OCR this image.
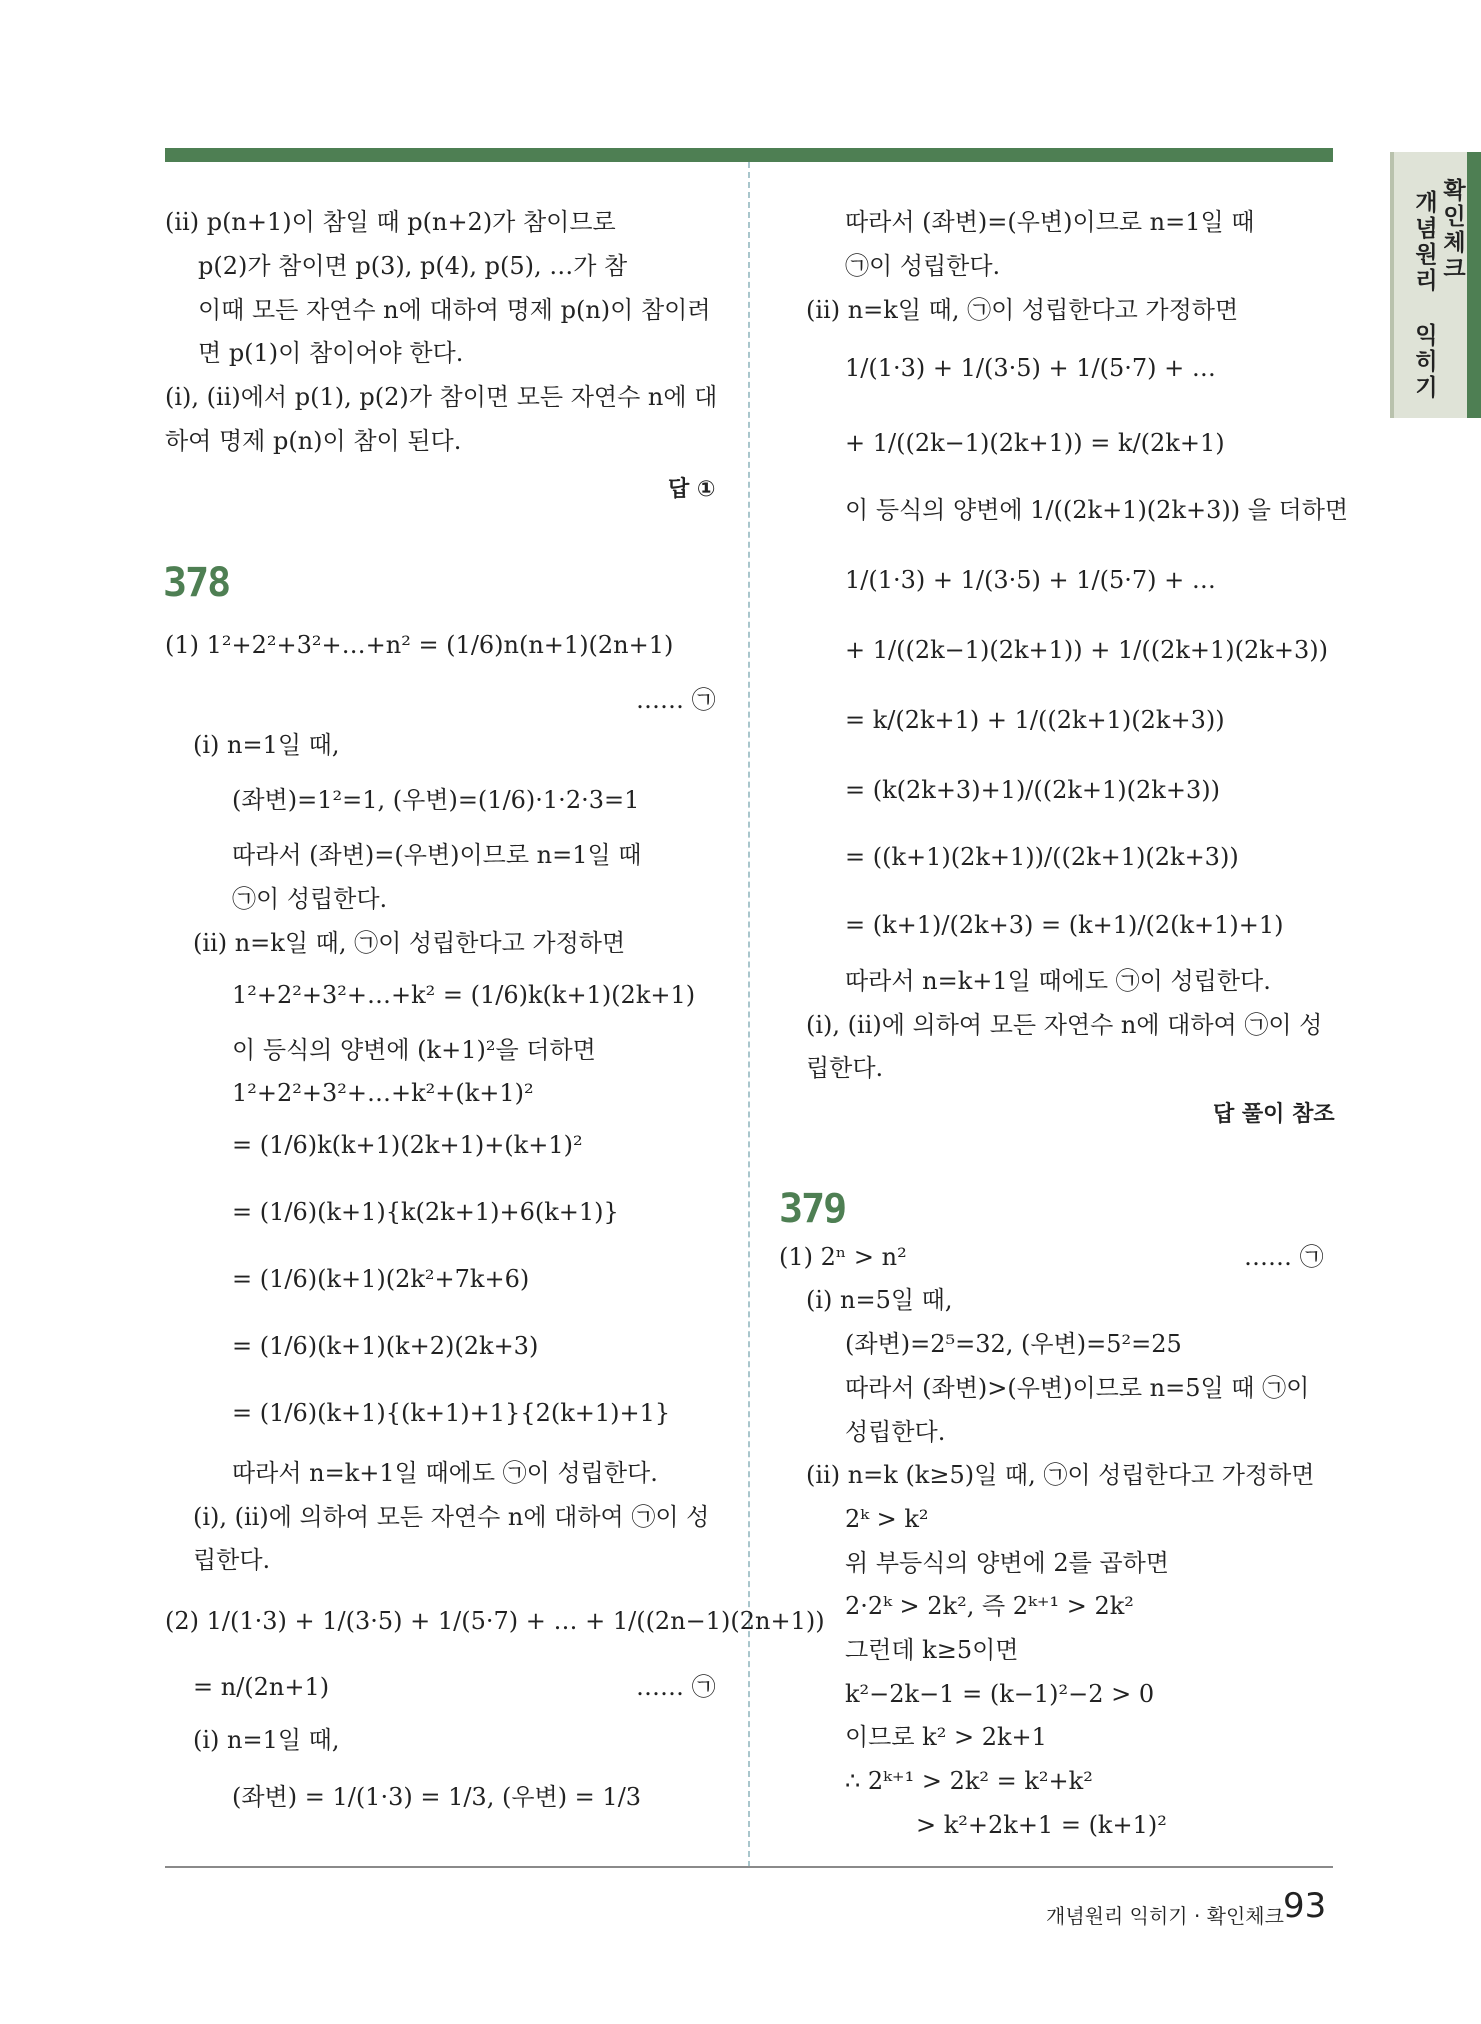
개념원리 익히기 확인체크
(ⅱ) p(n+1)이 참일 때 p(n+2)가 참이므로
p(2)가 참이면 p(3), p(4), p(5), …가 참
이때 모든 자연수 n에 대하여 명제 p(n)이 참이려
면 p(1)이 참이어야 한다.
(ⅰ), (ⅱ)에서 p(1), p(2)가 참이면 모든 자연수 n에 대
하여 명제 p(n)이 참이 된다.
답 ①
378
(1) 1²+2²+3²+…+n² = (1/6)n(n+1)(2n+1)
…… ㉠
(ⅰ) n=1일 때,
(좌변)=1²=1, (우변)=(1/6)·1·2·3=1
따라서 (좌변)=(우변)이므로 n=1일 때
㉠이 성립한다.
(ⅱ) n=k일 때, ㉠이 성립한다고 가정하면
1²+2²+3²+…+k² = (1/6)k(k+1)(2k+1)
이 등식의 양변에 (k+1)²을 더하면
1²+2²+3²+…+k²+(k+1)²
= (1/6)k(k+1)(2k+1)+(k+1)²
= (1/6)(k+1){k(2k+1)+6(k+1)}
= (1/6)(k+1)(2k²+7k+6)
= (1/6)(k+1)(k+2)(2k+3)
= (1/6)(k+1){(k+1)+1}{2(k+1)+1}
따라서 n=k+1일 때에도 ㉠이 성립한다.
(ⅰ), (ⅱ)에 의하여 모든 자연수 n에 대하여 ㉠이 성
립한다.
(2) 1/(1·3) + 1/(3·5) + 1/(5·7) + … + 1/((2n−1)(2n+1))
= n/(2n+1)	…… ㉠
(ⅰ) n=1일 때,
(좌변) = 1/(1·3) = 1/3, (우변) = 1/3
따라서 (좌변)=(우변)이므로 n=1일 때
㉠이 성립한다.
(ⅱ) n=k일 때, ㉠이 성립한다고 가정하면
1/(1·3) + 1/(3·5) + 1/(5·7) + …
+ 1/((2k−1)(2k+1)) = k/(2k+1)
이 등식의 양변에 1/((2k+1)(2k+3)) 을 더하면
1/(1·3) + 1/(3·5) + 1/(5·7) + …
+ 1/((2k−1)(2k+1)) + 1/((2k+1)(2k+3))
= k/(2k+1) + 1/((2k+1)(2k+3))
= (k(2k+3)+1)/((2k+1)(2k+3))
= ((k+1)(2k+1))/((2k+1)(2k+3))
= (k+1)/(2k+3) = (k+1)/(2(k+1)+1)
따라서 n=k+1일 때에도 ㉠이 성립한다.
(ⅰ), (ⅱ)에 의하여 모든 자연수 n에 대하여 ㉠이 성
립한다.
답 풀이 참조
379
(1) 2ⁿ > n²	…… ㉠
(ⅰ) n=5일 때,
(좌변)=2⁵=32, (우변)=5²=25
따라서 (좌변)>(우변)이므로 n=5일 때 ㉠이
성립한다.
(ⅱ) n=k (k≥5)일 때, ㉠이 성립한다고 가정하면
2ᵏ > k²
위 부등식의 양변에 2를 곱하면
2·2ᵏ > 2k², 즉 2ᵏ⁺¹ > 2k²
그런데 k≥5이면
k²−2k−1 = (k−1)²−2 > 0
이므로 k² > 2k+1
∴ 2ᵏ⁺¹ > 2k² = k²+k²
> k²+2k+1 = (k+1)²
개념원리 익히기 · 확인체크 93
